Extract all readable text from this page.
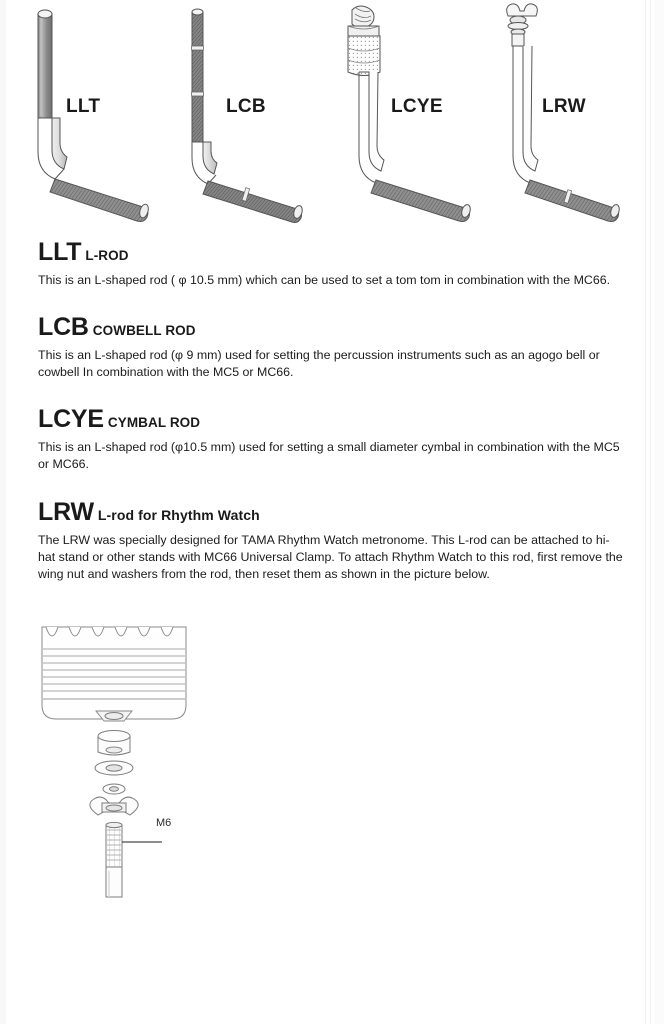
LLT	LCB	LCYE	LRW
LLT L-ROD

This is an L-shaped rod ( φ 10.5 mm) which can be used to set a tom tom in combination with the MC66.

LCB COWBELL ROD

This is an L-shaped rod (φ 9 mm) used for setting the percussion instruments such as an agogo bell or cowbell In combination with the MC5 or MC66.

LCYE CYMBAL ROD

This is an L-shaped rod (φ10.5 mm) used for setting a small diameter cymbal in combination with the MC5 or MC66.

LRW L-rod for Rhythm Watch

The LRW was specially designed for TAMA Rhythm Watch metronome. This L-rod can be attached to hi-hat stand or other stands with MC66 Universal Clamp. To attach Rhythm Watch to this rod, first remove the wing nut and washers from the rod, then reset them as shown in the picture below.

M6
